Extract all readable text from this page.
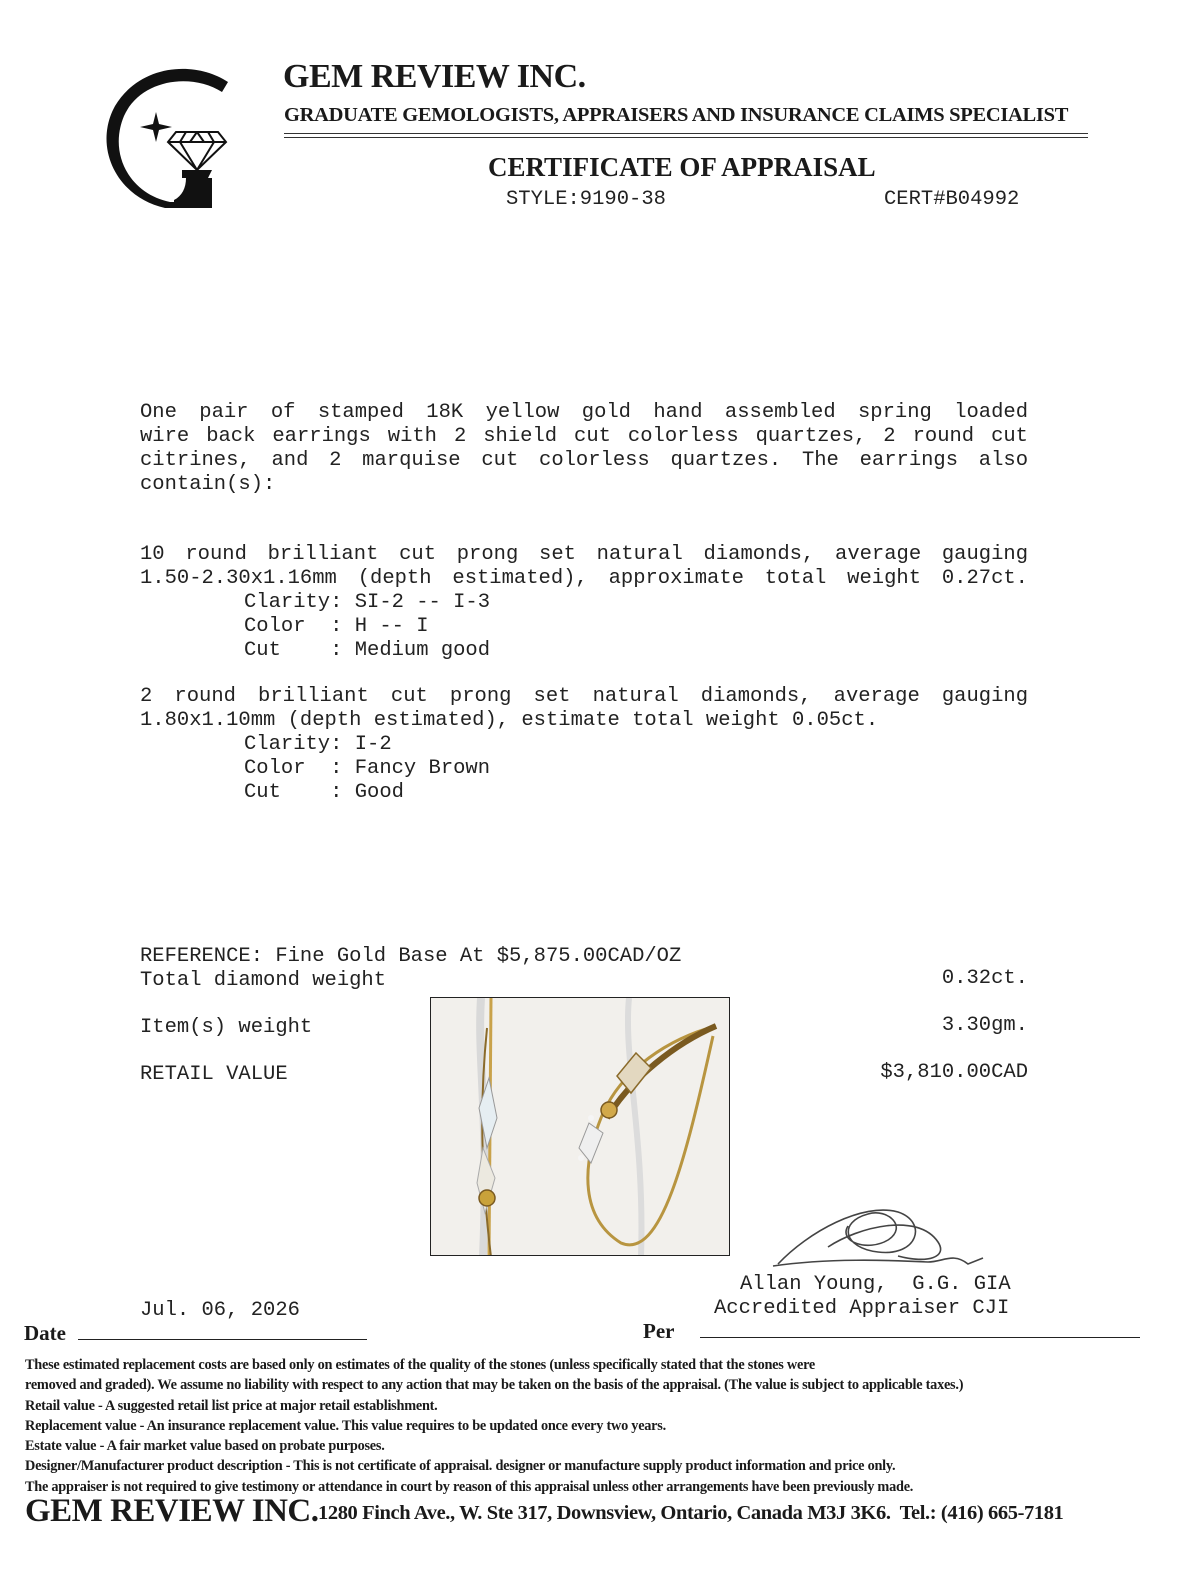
GEM REVIEW INC.
GRADUATE GEMOLOGISTS, APPRAISERS AND INSURANCE CLAIMS SPECIALIST
CERTIFICATE OF APPRAISAL
STYLE:9190-38	CERT#B04992
One pair of stamped 18K yellow gold hand assembled spring loaded
wire back earrings with 2 shield cut colorless quartzes, 2 round cut
citrines, and 2 marquise cut colorless quartzes. The earrings also
contain(s):
10 round brilliant cut prong set natural diamonds, average gauging
1.50-2.30x1.16mm (depth estimated), approximate total weight 0.27ct.
Clarity: SI-2 -- I-3
Color  : H -- I
Cut    : Medium good
2 round brilliant cut prong set natural diamonds, average gauging
1.80x1.10mm (depth estimated), estimate total weight 0.05ct.
Clarity: I-2
Color  : Fancy Brown
Cut    : Good
REFERENCE: Fine Gold Base At $5,875.00CAD/OZ
Total diamond weight	0.32ct.
Item(s) weight	3.30gm.
RETAIL VALUE	$3,810.00CAD
Allan Young,  G.G. GIA
Accredited Appraiser CJI
Jul. 06, 2026
Date	Per
These estimated replacement costs are based only on estimates of the quality of the stones (unless specifically stated that the stones were
removed and graded). We assume no liability with respect to any action that may be taken on the basis of the appraisal. (The value is subject to applicable taxes.)
Retail value - A suggested retail list price at major retail establishment.
Replacement value - An insurance replacement value. This value requires to be updated once every two years.
Estate value - A fair market value based on probate purposes.
Designer/Manufacturer product description - This is not certificate of appraisal. designer or manufacture supply product information and price only.
The appraiser is not required to give testimony or attendance in court by reason of this appraisal unless other arrangements have been previously made.
GEM REVIEW INC. 1280 Finch Ave., W. Ste 317, Downsview, Ontario, Canada M3J 3K6.  Tel.: (416) 665-7181
